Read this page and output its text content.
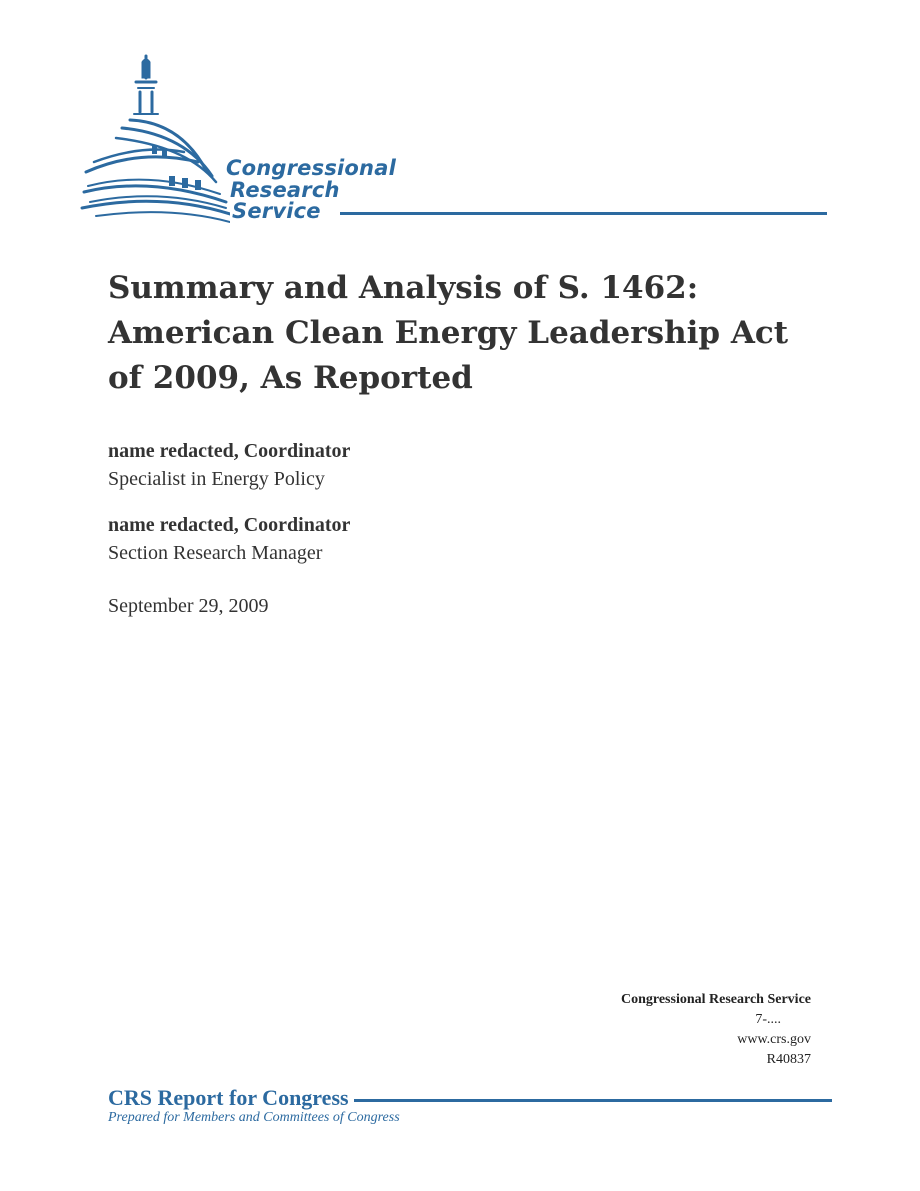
Congressional
Research
Service
Summary and Analysis of S. 1462: American Clean Energy Leadership Act of 2009, As Reported
name redacted, Coordinator
Specialist in Energy Policy
name redacted, Coordinator
Section Research Manager
September 29, 2009
Congressional Research Service
7-....
www.crs.gov
R40837
CRS Report for Congress
Prepared for Members and Committees of Congress
